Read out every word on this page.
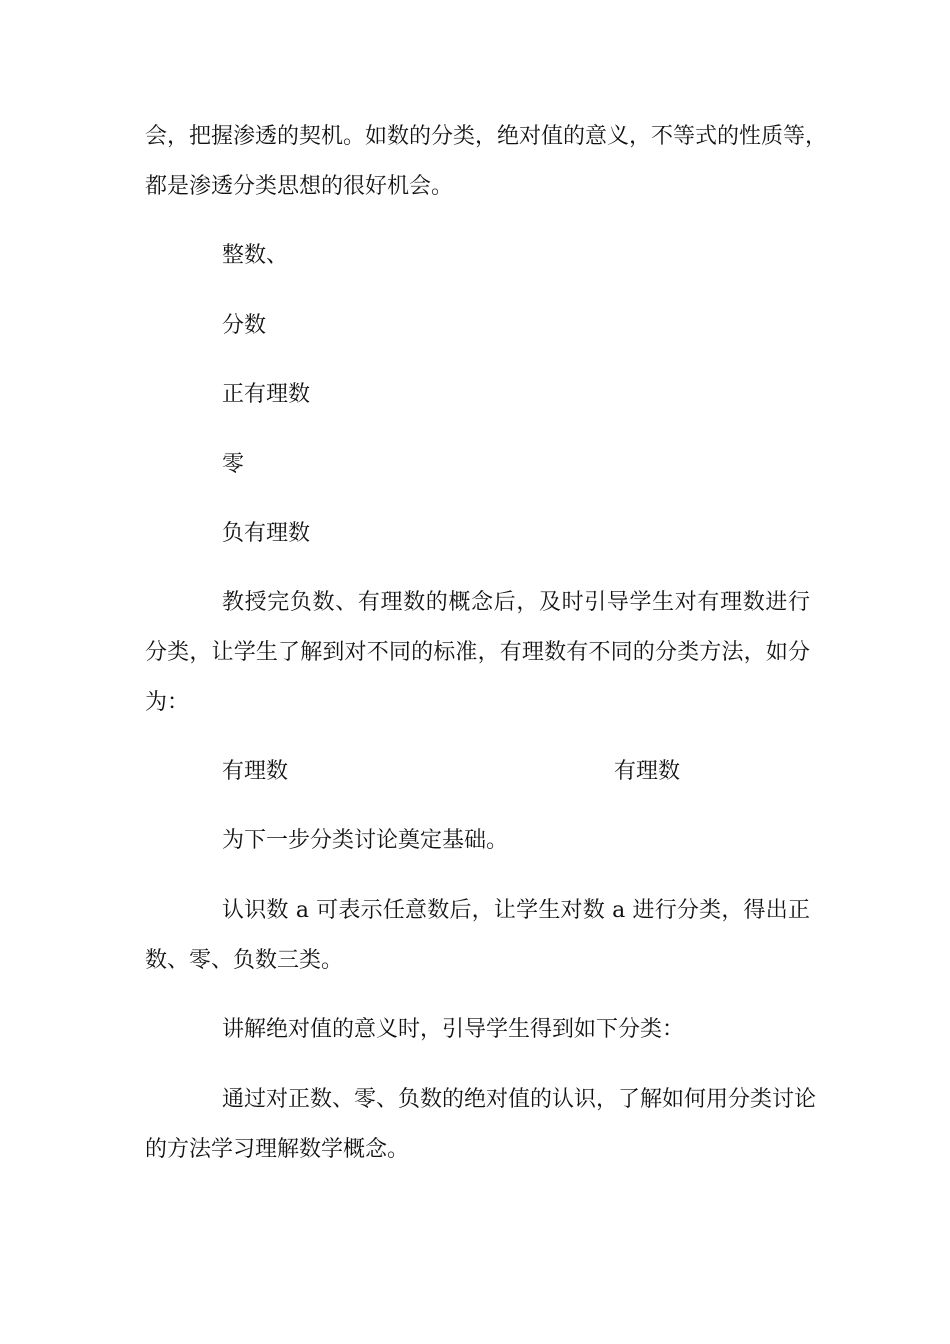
会，把握渗透的契机。如数的分类，绝对值的意义，不等式的性质等，
都是渗透分类思想的很好机会。
整数、
分数
正有理数
零
负有理数
教授完负数、有理数的概念后，及时引导学生对有理数进行
分类，让学生了解到对不同的标准，有理数有不同的分类方法，如分
为：
有理数	有理数
为下一步分类讨论奠定基础。
认识数 a 可表示任意数后，让学生对数 a 进行分类，得出正
数、零、负数三类。
讲解绝对值的意义时，引导学生得到如下分类：
通过对正数、零、负数的绝对值的认识，了解如何用分类讨论
的方法学习理解数学概念。
